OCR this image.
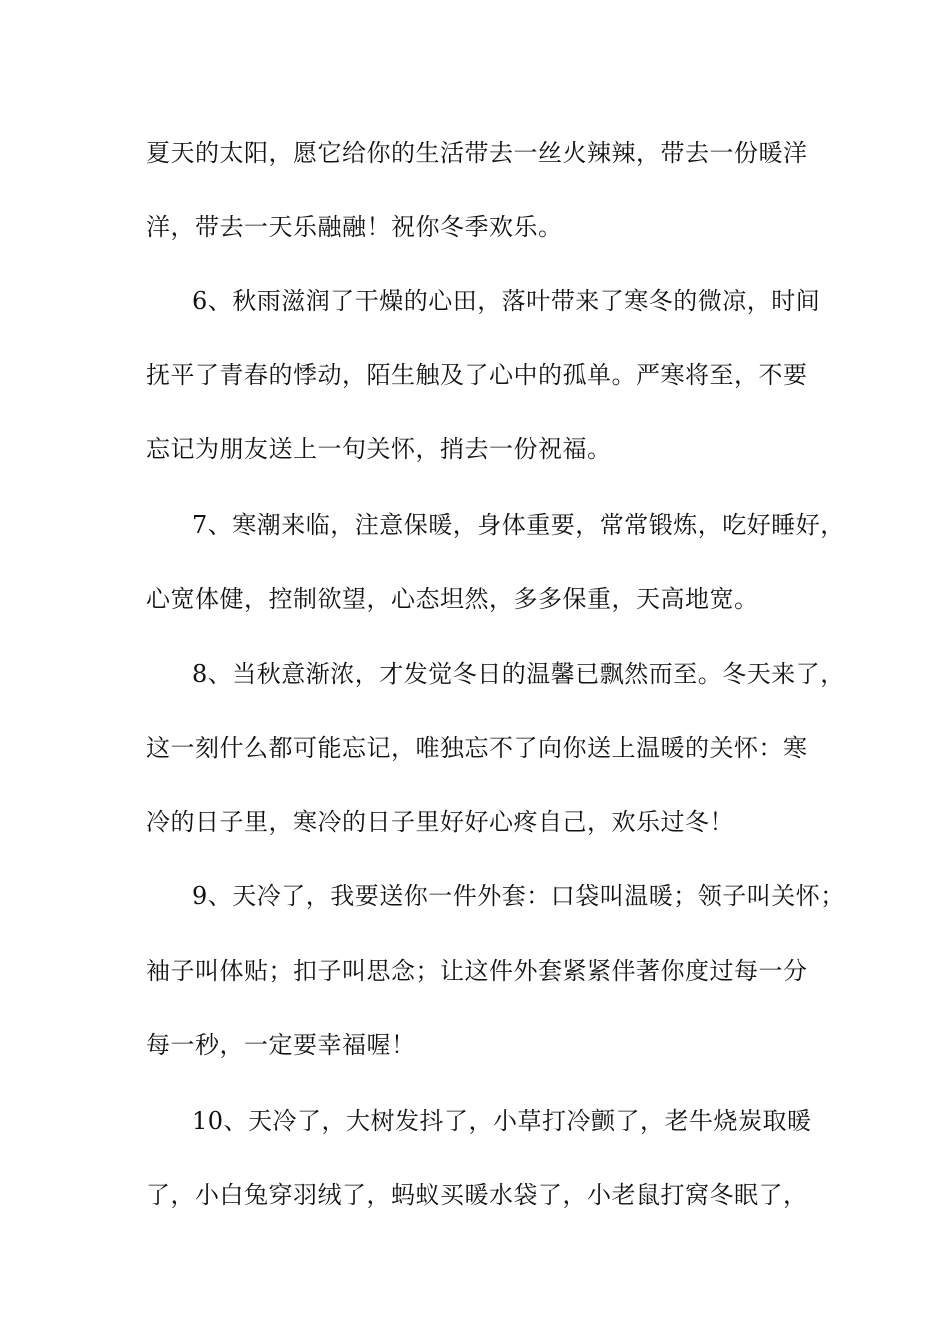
夏天的太阳，愿它给你的生活带去一丝火辣辣，带去一份暖洋
洋，带去一天乐融融！祝你冬季欢乐。
6、秋雨滋润了干燥的心田，落叶带来了寒冬的微凉，时间
抚平了青春的悸动，陌生触及了心中的孤单。严寒将至，不要
忘记为朋友送上一句关怀，捎去一份祝福。
7、寒潮来临，注意保暖，身体重要，常常锻炼，吃好睡好，
心宽体健，控制欲望，心态坦然，多多保重，天高地宽。
8、当秋意渐浓，才发觉冬日的温馨已飘然而至。冬天来了，
这一刻什么都可能忘记，唯独忘不了向你送上温暖的关怀：寒
冷的日子里，寒冷的日子里好好心疼自己，欢乐过冬！
9、天冷了，我要送你一件外套：口袋叫温暖；领子叫关怀；
袖子叫体贴；扣子叫思念；让这件外套紧紧伴著你度过每一分
每一秒，一定要幸福喔！
10、天冷了，大树发抖了，小草打冷颤了，老牛烧炭取暖
了，小白兔穿羽绒了，蚂蚁买暖水袋了，小老鼠打窝冬眠了，
